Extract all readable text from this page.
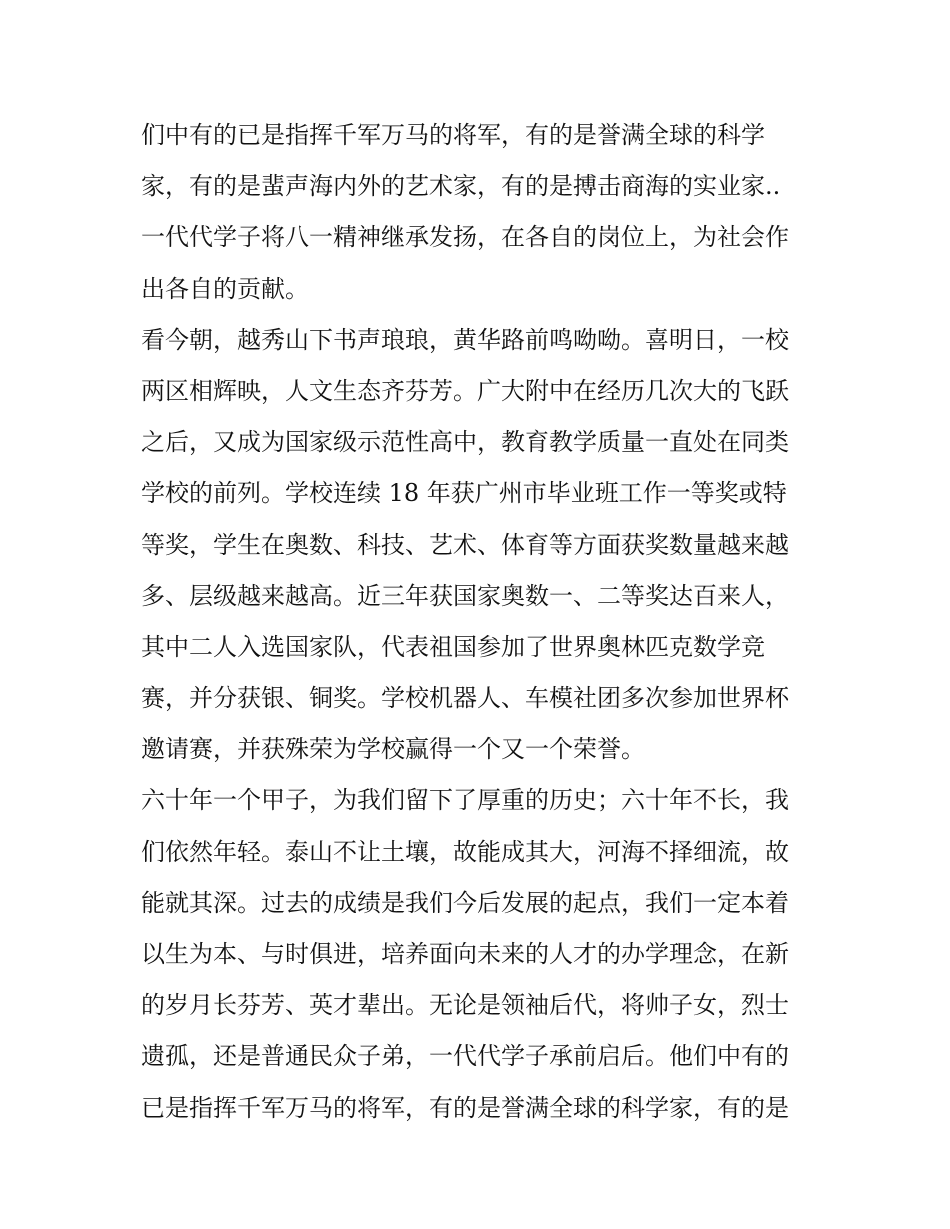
们中有的已是指挥千军万马的将军，有的是誉满全球的科学
家，有的是蜚声海内外的艺术家，有的是搏击商海的实业家..
一代代学子将八一精神继承发扬，在各自的岗位上，为社会作
出各自的贡献。
看今朝，越秀山下书声琅琅，黄华路前鸣呦呦。喜明日，一校
两区相辉映，人文生态齐芬芳。广大附中在经历几次大的飞跃
之后，又成为国家级示范性高中，教育教学质量一直处在同类
学校的前列。学校连续 18 年获广州市毕业班工作一等奖或特
等奖，学生在奥数、科技、艺术、体育等方面获奖数量越来越
多、层级越来越高。近三年获国家奥数一、二等奖达百来人，
其中二人入选国家队，代表祖国参加了世界奥林匹克数学竞
赛，并分获银、铜奖。学校机器人、车模社团多次参加世界杯
邀请赛，并获殊荣为学校赢得一个又一个荣誉。
六十年一个甲子，为我们留下了厚重的历史；六十年不长，我
们依然年轻。泰山不让土壤，故能成其大，河海不择细流，故
能就其深。过去的成绩是我们今后发展的起点，我们一定本着
以生为本、与时俱进，培养面向未来的人才的办学理念，在新
的岁月长芬芳、英才辈出。无论是领袖后代，将帅子女，烈士
遗孤，还是普通民众子弟，一代代学子承前启后。他们中有的
已是指挥千军万马的将军，有的是誉满全球的科学家，有的是
